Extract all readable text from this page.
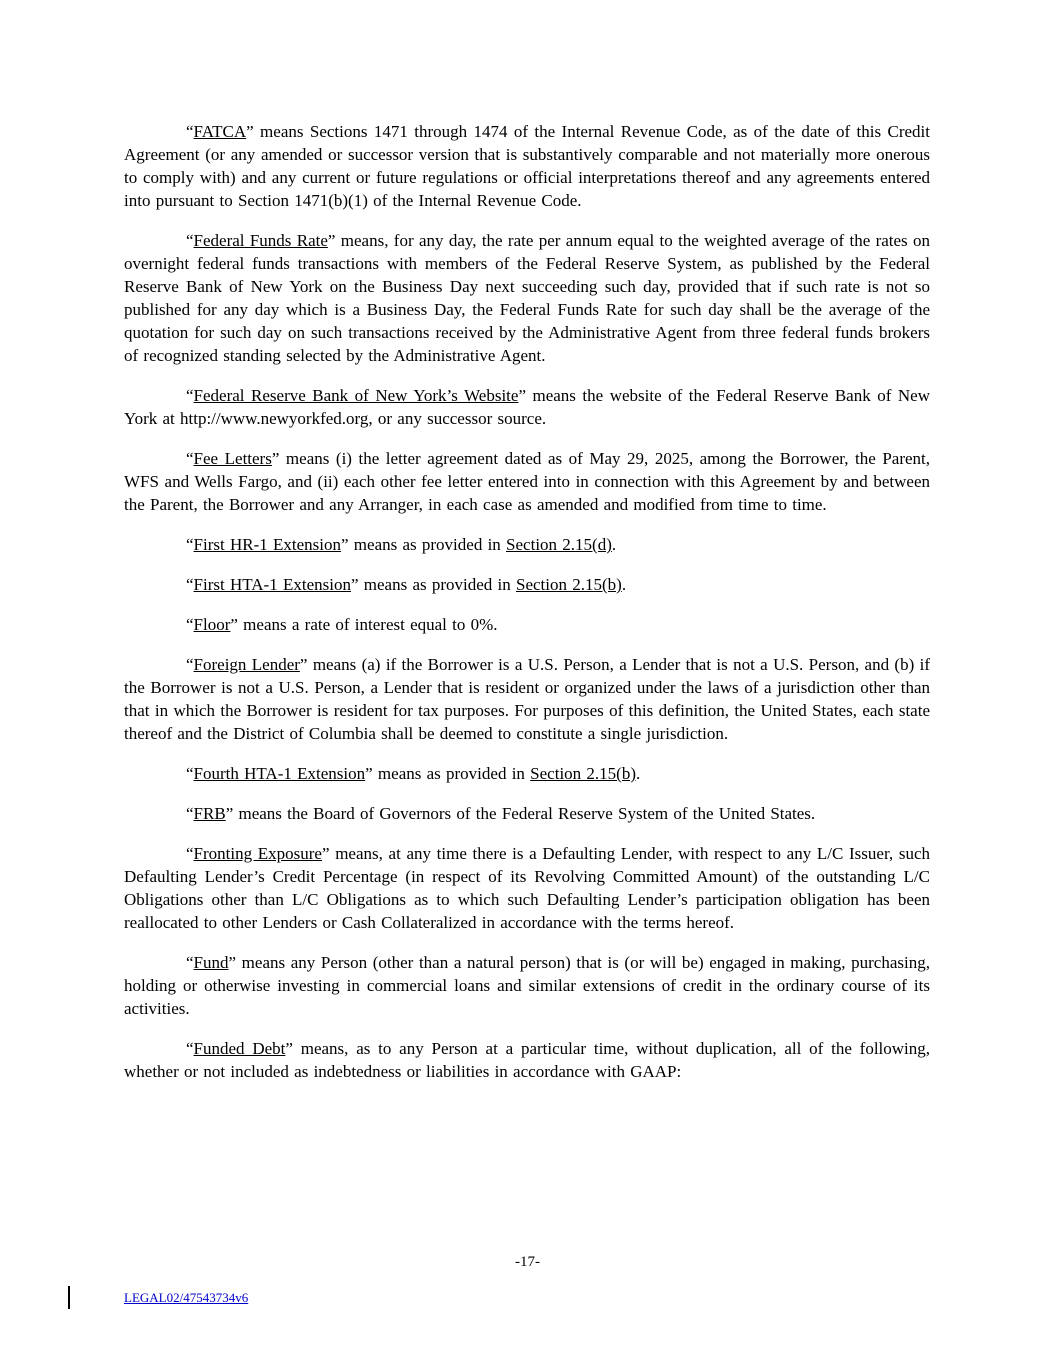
“FATCA” means Sections 1471 through 1474 of the Internal Revenue Code, as of the date of this Credit Agreement (or any amended or successor version that is substantively comparable and not materially more onerous to comply with) and any current or future regulations or official interpretations thereof and any agreements entered into pursuant to Section 1471(b)(1) of the Internal Revenue Code.

“Federal Funds Rate” means, for any day, the rate per annum equal to the weighted average of the rates on overnight federal funds transactions with members of the Federal Reserve System, as published by the Federal Reserve Bank of New York on the Business Day next succeeding such day, provided that if such rate is not so published for any day which is a Business Day, the Federal Funds Rate for such day shall be the average of the quotation for such day on such transactions received by the Administrative Agent from three federal funds brokers of recognized standing selected by the Administrative Agent.

“Federal Reserve Bank of New York’s Website” means the website of the Federal Reserve Bank of New York at http://www.newyorkfed.org, or any successor source.

“Fee Letters” means (i) the letter agreement dated as of May 29, 2025, among the Borrower, the Parent, WFS and Wells Fargo, and (ii) each other fee letter entered into in connection with this Agreement by and between the Parent, the Borrower and any Arranger, in each case as amended and modified from time to time.

“First HR-1 Extension” means as provided in Section 2.15(d).

“First HTA-1 Extension” means as provided in Section 2.15(b).

“Floor” means a rate of interest equal to 0%.

“Foreign Lender” means (a) if the Borrower is a U.S. Person, a Lender that is not a U.S. Person, and (b) if the Borrower is not a U.S. Person, a Lender that is resident or organized under the laws of a jurisdiction other than that in which the Borrower is resident for tax purposes. For purposes of this definition, the United States, each state thereof and the District of Columbia shall be deemed to constitute a single jurisdiction.

“Fourth HTA-1 Extension” means as provided in Section 2.15(b).

“FRB” means the Board of Governors of the Federal Reserve System of the United States.

“Fronting Exposure” means, at any time there is a Defaulting Lender, with respect to any L/C Issuer, such Defaulting Lender’s Credit Percentage (in respect of its Revolving Committed Amount) of the outstanding L/C Obligations other than L/C Obligations as to which such Defaulting Lender’s participation obligation has been reallocated to other Lenders or Cash Collateralized in accordance with the terms hereof.

“Fund” means any Person (other than a natural person) that is (or will be) engaged in making, purchasing, holding or otherwise investing in commercial loans and similar extensions of credit in the ordinary course of its activities.

“Funded Debt” means, as to any Person at a particular time, without duplication, all of the following, whether or not included as indebtedness or liabilities in accordance with GAAP:

-17-
LEGAL02/47543734v6
